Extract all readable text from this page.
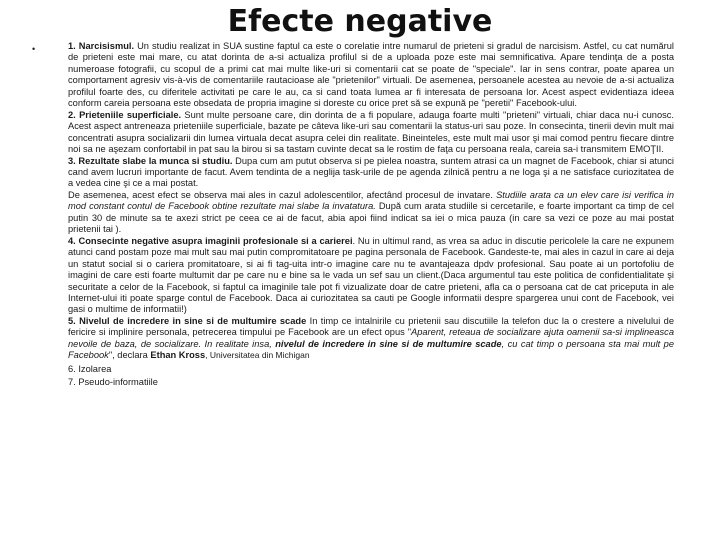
Efecte negative
•	1. Narcisismul. Un studiu realizat in SUA sustine faptul ca este o corelatie intre numarul de prieteni si gradul de narcisism. Astfel, cu cat numărul de prieteni este mai mare, cu atat dorinta de a-si actualiza profilul si de a uploada poze este mai semnificativa. Apare tendinţa de a posta numeroase fotografii, cu scopul de a primi cat mai multe like-uri si comentarii cat se poate de "speciale". Iar in sens contrar, poate aparea un comportament agresiv vis-à-vis de comentariile rautacioase ale "prietenilor" virtuali. De asemenea, persoanele acestea au nevoie de a-si actualiza profilul foarte des, cu diferitele activitati pe care le au, ca si cand toata lumea ar fi interesata de persoana lor. Acest aspect evidentiaza ideea conform careia persoana este obsedata de propria imagine si doreste cu orice pret să se expună pe "peretii" Facebook-ului.

2. Prieteniile superficiale. Sunt multe persoane care, din dorinta de a fi populare, adauga foarte multi "prieteni" virtuali, chiar daca nu-i cunosc. Acest aspect antreneaza prieteniile superficiale, bazate pe câteva like-uri sau comentarii la status-uri sau poze. In consecinta, tinerii devin mult mai concentrati asupra socializarii din lumea virtuala decat asupra celei din realitate. Bineinteles, este mult mai usor şi mai comod pentru fiecare dintre noi sa ne aşezam confortabil in pat sau la birou si sa tastam cuvinte decat sa le rostim de faţa cu persoana reala, careia sa-i transmitem EMOŢII.

3. Rezultate slabe la munca si studiu. Dupa cum am putut observa si pe pielea noastra, suntem atrasi ca un magnet de Facebook, chiar si atunci cand avem lucruri importante de facut. Avem tendinta de a neglija task-urile de pe agenda zilnică pentru a ne loga şi a ne satisface curiozitatea de a vedea cine şi ce a mai postat.

De asemenea, acest efect se observa mai ales in cazul adolescentilor, afectând procesul de invatare. Studiile arata ca un elev care isi verifica in mod constant contul de Facebook obtine rezultate mai slabe la invatatura. După cum arata studiile si cercetarile, e foarte important ca timp de cel putin 30 de minute sa te axezi strict pe ceea ce ai de facut, abia apoi fiind indicat sa iei o mica pauza (in care sa vezi ce poze au mai postat prietenii tai ).

4. Consecinte negative asupra imaginii profesionale si a carierei. Nu in ultimul rand, as vrea sa aduc in discutie pericolele la care ne expunem atunci cand postam poze mai mult sau mai putin compromitatoare pe pagina personala de Facebook. Gandeste-te, mai ales in cazul in care ai deja un statut social si o cariera promitatoare, si ai fi tag-uita intr-o imagine care nu te avantajeaza dpdv profesional. Sau poate ai un portofoliu de imagini de care esti foarte multumit dar pe care nu e bine sa le vada un sef sau un client.(Daca argumentul tau este politica de confidentialitate şi securitate a celor de la Facebook, si faptul ca imaginile tale pot fi vizualizate doar de catre prieteni, afla ca o persoana cat de cat priceputa in ale Internet-ului iti poate sparge contul de Facebook. Daca ai curiozitatea sa cauti pe Google informatii despre spargerea unui cont de Facebook, vei gasi o multime de informatii!)

5. Nivelul de incredere in sine si de multumire scade In timp ce intalnirile cu prietenii sau discutiile la telefon duc la o crestere a nivelului de fericire si implinire personala, petrecerea timpului pe Facebook are un efect opus "Aparent, reteaua de socializare ajuta oamenii sa-si implineasca nevoile de baza, de socializare. In realitate insa, nivelul de incredere in sine si de multumire scade, cu cat timp o persoana sta mai mult pe Facebook", declara Ethan Kross, Universitatea din Michigan

6. Izolarea

7. Pseudo-informatiile
